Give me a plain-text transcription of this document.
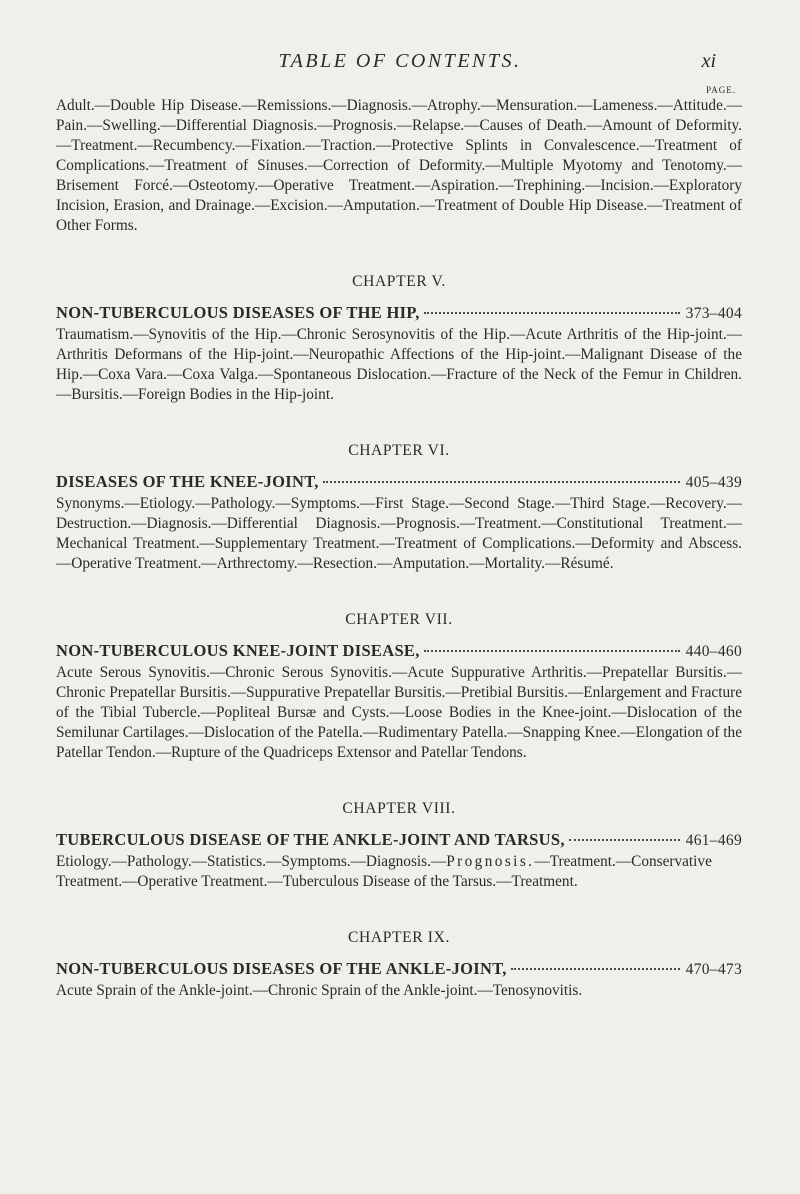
TABLE OF CONTENTS.	xi
PAGE.

Adult.—Double Hip Disease.—Remissions.—Diagnosis.—Atrophy.—Mensuration.—Lameness.—Attitude.—Pain.—Swelling.—Differential Diagnosis.—Prognosis.—Relapse.—Causes of Death.—Amount of Deformity.—Treatment.—Recumbency.—Fixation.—Traction.—Protective Splints in Convalescence.—Treatment of Complications.—Treatment of Sinuses.—Correction of Deformity.—Multiple Myotomy and Tenotomy.—Brisement Forcé.—Osteotomy.—Operative Treatment.—Aspiration.—Trephining.—Incision.—Exploratory Incision, Erasion, and Drainage.—Excision.—Amputation.—Treatment of Double Hip Disease.—Treatment of Other Forms.

CHAPTER V.
NON-TUBERCULOUS DISEASES OF THE HIP,	373–404

Traumatism.—Synovitis of the Hip.—Chronic Serosynovitis of the Hip.—Acute Arthritis of the Hip-joint.—Arthritis Deformans of the Hip-joint.—Neuropathic Affections of the Hip-joint.—Malignant Disease of the Hip.—Coxa Vara.—Coxa Valga.—Spontaneous Dislocation.—Fracture of the Neck of the Femur in Children.—Bursitis.—Foreign Bodies in the Hip-joint.

CHAPTER VI.
DISEASES OF THE KNEE-JOINT,	405–439

Synonyms.—Etiology.—Pathology.—Symptoms.—First Stage.—Second Stage.—Third Stage.—Recovery.—Destruction.—Diagnosis.—Differential Diagnosis.—Prognosis.—Treatment.—Constitutional Treatment.—Mechanical Treatment.—Supplementary Treatment.—Treatment of Complications.—Deformity and Abscess.—Operative Treatment.—Arthrectomy.—Resection.—Amputation.—Mortality.—Résumé.

CHAPTER VII.
NON-TUBERCULOUS KNEE-JOINT DISEASE,	440–460

Acute Serous Synovitis.—Chronic Serous Synovitis.—Acute Suppurative Arthritis.—Prepatellar Bursitis.—Chronic Prepatellar Bursitis.—Suppurative Prepatellar Bursitis.—Pretibial Bursitis.—Enlargement and Fracture of the Tibial Tubercle.—Popliteal Bursæ and Cysts.—Loose Bodies in the Knee-joint.—Dislocation of the Semilunar Cartilages.—Dislocation of the Patella.—Rudimentary Patella.—Snapping Knee.—Elongation of the Patellar Tendon.—Rupture of the Quadriceps Extensor and Patellar Tendons.

CHAPTER VIII.
TUBERCULOUS DISEASE OF THE ANKLE-JOINT AND TARSUS,	461–469

Etiology.—Pathology.—Statistics.—Symptoms.—Diagnosis.—Prognosis.—Treatment.—Conservative Treatment.—Operative Treatment.—Tuberculous Disease of the Tarsus.—Treatment.

CHAPTER IX.
NON-TUBERCULOUS DISEASES OF THE ANKLE-JOINT,	470–473

Acute Sprain of the Ankle-joint.—Chronic Sprain of the Ankle-joint.—Tenosynovitis.
